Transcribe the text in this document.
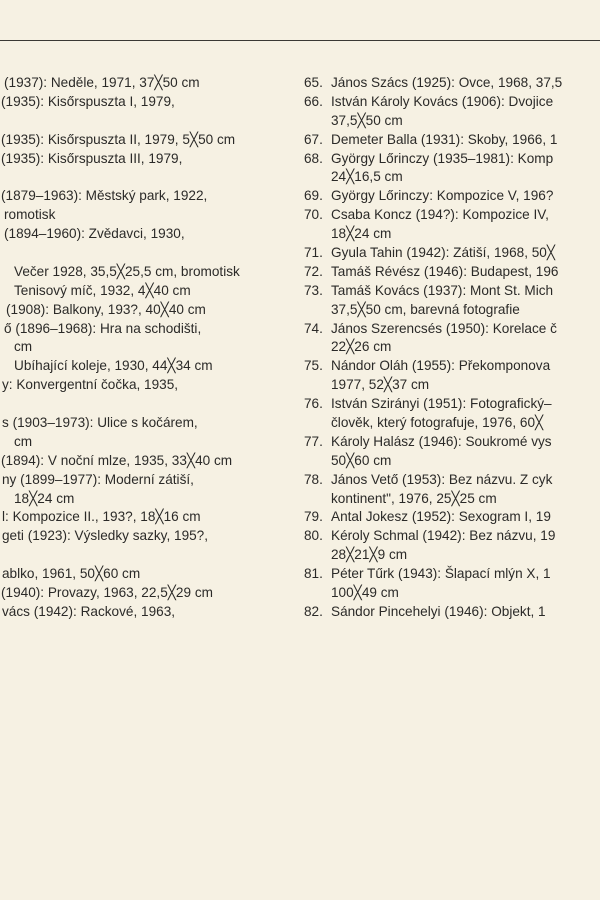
(1937): Neděle, 1971, 37╳50 cm
(1935): Kisőrspuszta I, 1979,
(1935): Kisőrspuszta II, 1979, 5╳50 cm
(1935): Kisőrspuszta III, 1979,
(1879–1963): Městský park, 1922,
romotisk
(1894–1960): Zvědavci, 1930,
Večer 1928, 35,5╳25,5 cm, bromotisk
Tenisový míč, 1932, 4╳40 cm
(1908): Balkony, 193?, 40╳40 cm
ő (1896–1968): Hra na schodišti,
cm
Ubíhající koleje, 1930, 44╳34 cm
y: Konvergentní čočka, 1935,
s (1903–1973): Ulice s kočárem,
cm
(1894): V noční mlze, 1935, 33╳40 cm
ny (1899–1977): Moderní zátiší,
18╳24 cm
l: Kompozice II., 193?, 18╳16 cm
geti (1923): Výsledky sazky, 195?,
ablko, 1961, 50╳60 cm
(1940): Provazy, 1963, 22,5╳29 cm
vács (1942): Rackové, 1963,
65. János Szács (1925): Ovce, 1968, 37,5
66. István Károly Kovács (1906): Dvojice
37,5╳50 cm
67. Demeter Balla (1931): Skoby, 1966, 1
68. György Lőrinczy (1935–1981): Komp
24╳16,5 cm
69. György Lőrinczy: Kompozice V, 196?
70. Csaba Koncz (194?): Kompozice IV,
18╳24 cm
71. Gyula Tahin (1942): Zátiší, 1968, 50╳
72. Tamáš Révész (1946): Budapest, 196
73. Tamáš Kovács (1937): Mont St. Mich
37,5╳50 cm, barevná fotografie
74. János Szerencsés (1950): Korelace č
22╳26 cm
75. Nándor Oláh (1955): Překomponova
1977, 52╳37 cm
76. István Szirányi (1951): Fotografický–
člověk, který fotografuje, 1976, 60╳
77. Károly Halász (1946): Soukromé vys
50╳60 cm
78. János Vető (1953): Bez názvu. Z cyk
kontinent", 1976, 25╳25 cm
79. Antal Jokesz (1952): Sexogram I, 19
80. Kéroly Schmal (1942): Bez názvu, 19
28╳21╳9 cm
81. Péter Tűrk (1943): Šlapací mlýn X, 1
100╳49 cm
82. Sándor Pincehelyi (1946): Objekt, 1
